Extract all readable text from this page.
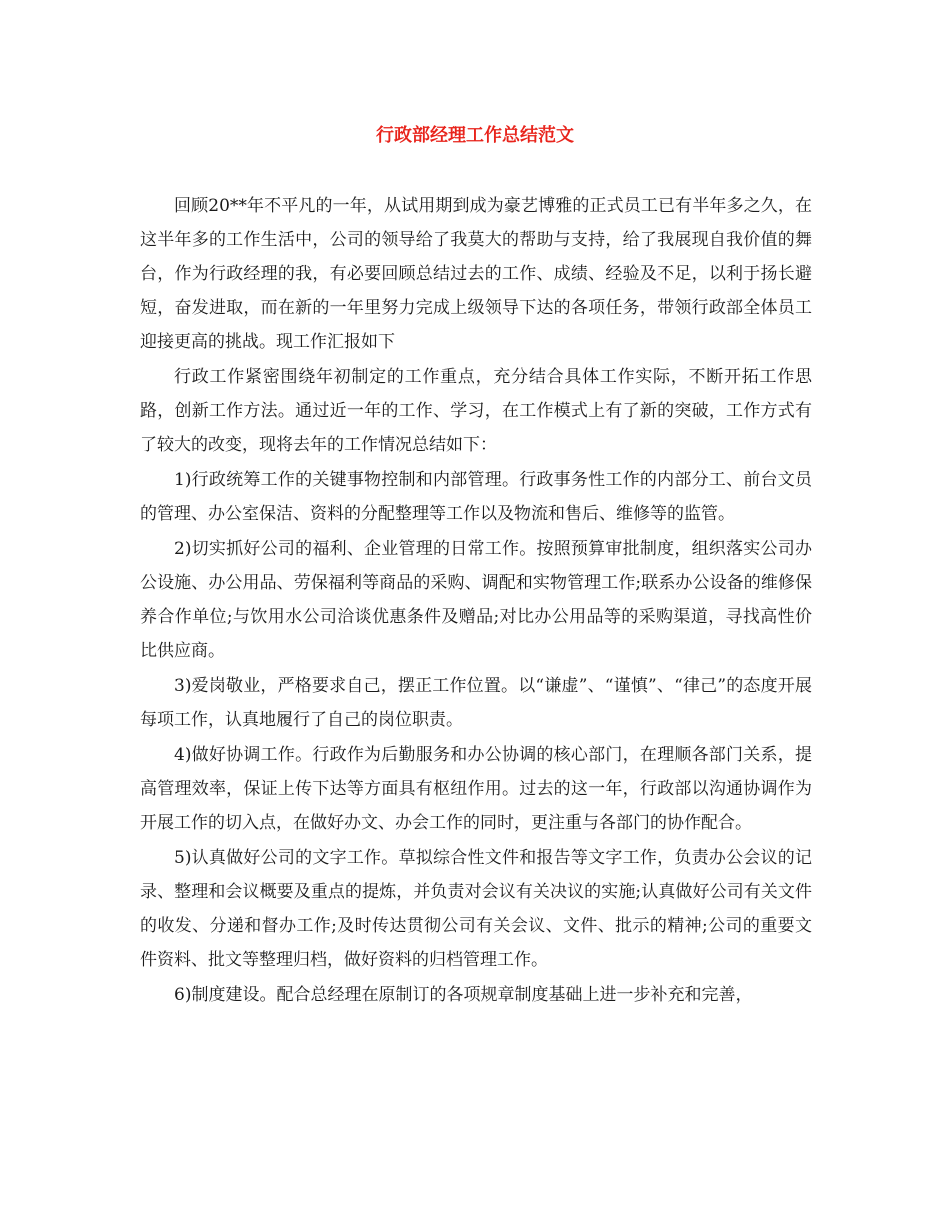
行政部经理工作总结范文

回顾20**年不平凡的一年，从试用期到成为豪艺博雅的正式员工已有半年多之久，在这半年多的工作生活中，公司的领导给了我莫大的帮助与支持，给了我展现自我价值的舞台，作为行政经理的我，有必要回顾总结过去的工作、成绩、经验及不足，以利于扬长避短，奋发进取，而在新的一年里努力完成上级领导下达的各项任务，带领行政部全体员工迎接更高的挑战。现工作汇报如下

行政工作紧密围绕年初制定的工作重点，充分结合具体工作实际，不断开拓工作思路，创新工作方法。通过近一年的工作、学习，在工作模式上有了新的突破，工作方式有了较大的改变，现将去年的工作情况总结如下：

1)行政统筹工作的关键事物控制和内部管理。行政事务性工作的内部分工、前台文员的管理、办公室保洁、资料的分配整理等工作以及物流和售后、维修等的监管。

2)切实抓好公司的福利、企业管理的日常工作。按照预算审批制度，组织落实公司办公设施、办公用品、劳保福利等商品的采购、调配和实物管理工作;联系办公设备的维修保养合作单位;与饮用水公司洽谈优惠条件及赠品;对比办公用品等的采购渠道，寻找高性价比供应商。

3)爱岗敬业，严格要求自己，摆正工作位置。以“谦虚”、“谨慎”、“律己”的态度开展每项工作，认真地履行了自己的岗位职责。

4)做好协调工作。行政作为后勤服务和办公协调的核心部门，在理顺各部门关系，提高管理效率，保证上传下达等方面具有枢纽作用。过去的这一年，行政部以沟通协调作为开展工作的切入点，在做好办文、办会工作的同时，更注重与各部门的协作配合。

5)认真做好公司的文字工作。草拟综合性文件和报告等文字工作，负责办公会议的记录、整理和会议概要及重点的提炼，并负责对会议有关决议的实施;认真做好公司有关文件的收发、分递和督办工作;及时传达贯彻公司有关会议、文件、批示的精神;公司的重要文件资料、批文等整理归档，做好资料的归档管理工作。

6)制度建设。配合总经理在原制订的各项规章制度基础上进一步补充和完善，
